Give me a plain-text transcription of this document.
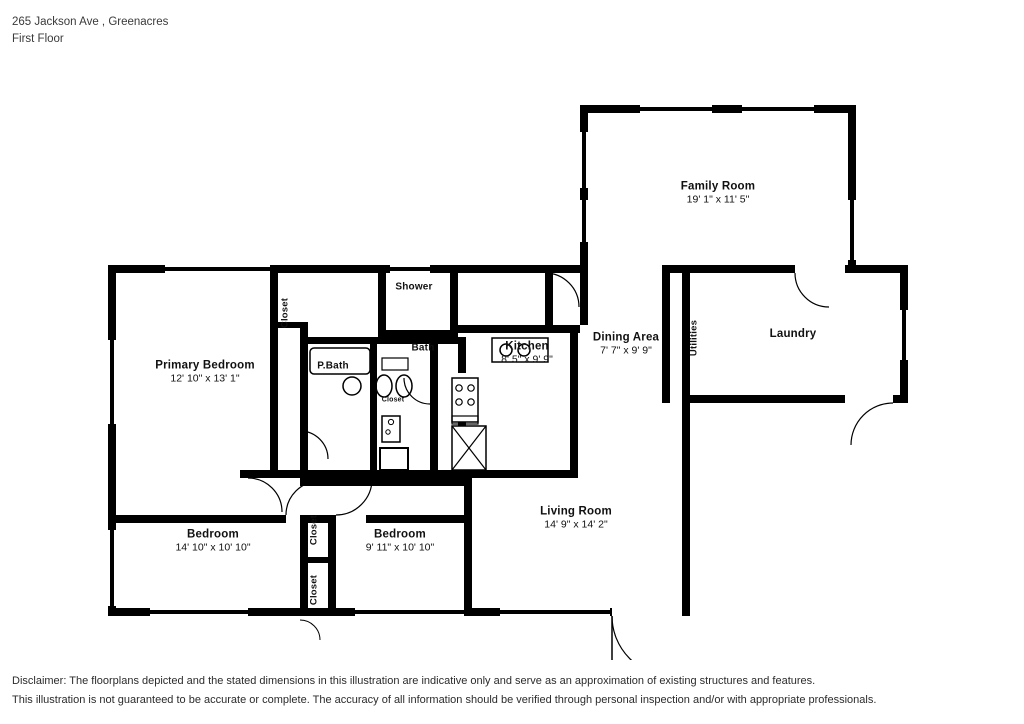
265 Jackson Ave , Greenacres
First Floor
Family Room
19' 1" x 11' 5"
Laundry
Utilities
Dining Area
7' 7" x 9' 9"
Kitchen
8' 5" x 9' 9"
Shower
Bath
P.Bath
Closet
Closet
Primary Bedroom
12' 10" x 13' 1"
Bedroom
14' 10" x 10' 10"
Bedroom
9' 11" x 10' 10"
Closet
Closet
Living Room
14' 9" x 14' 2"
Disclaimer: The floorplans depicted and the stated dimensions in this illustration are indicative only and serve as an approximation of existing structures and features.
This illustration is not guaranteed to be accurate or complete. The accuracy of all information should be verified through personal inspection and/or with appropriate professionals.
